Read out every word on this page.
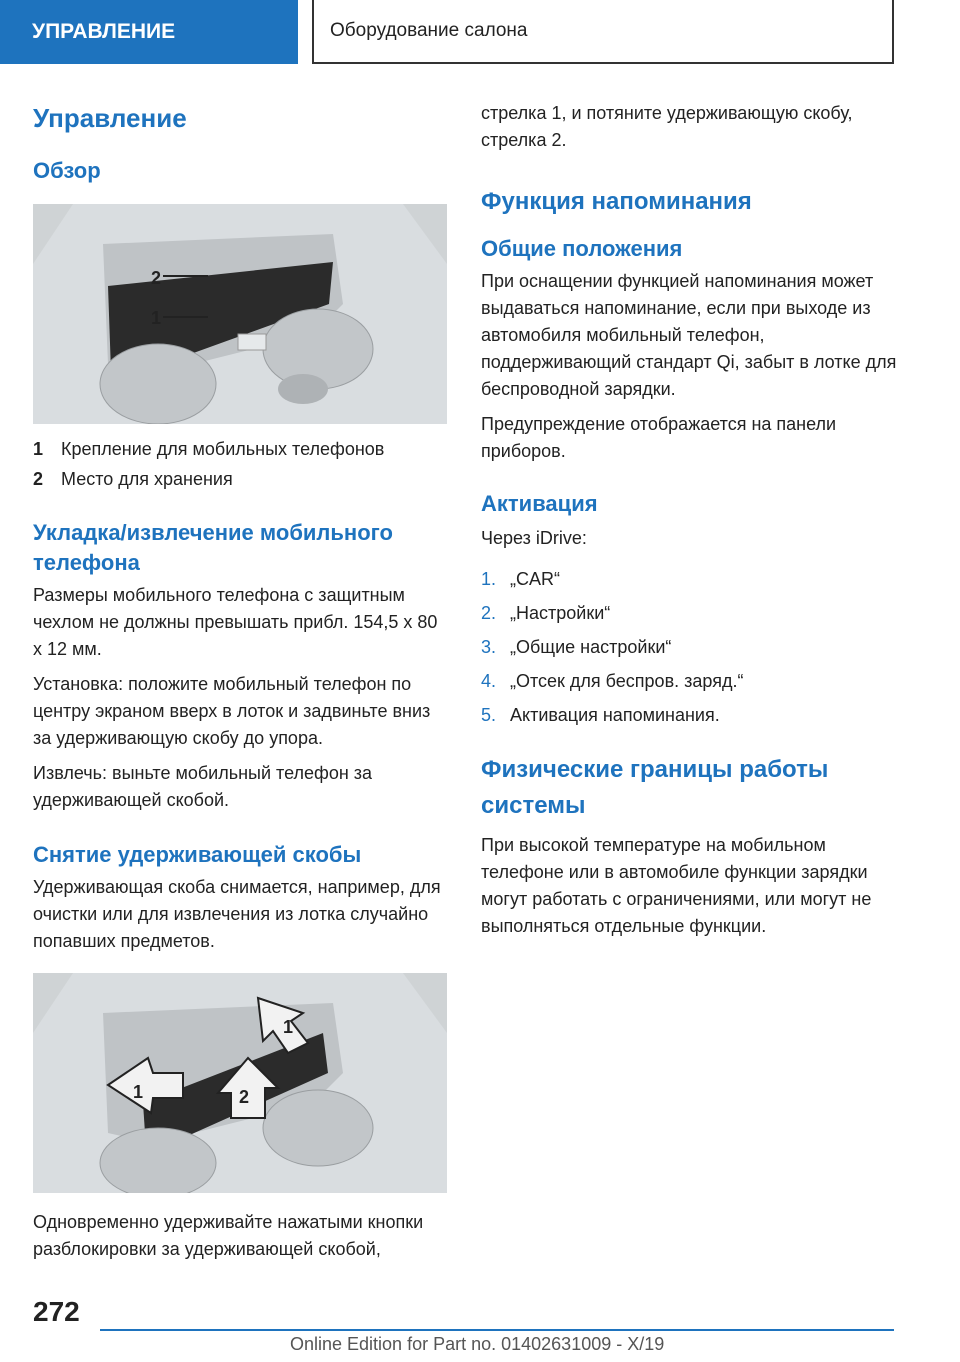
УПРАВЛЕНИЕ	Оборудование салона
Управление
Обзор
2
1
1 Крепление для мобильных телефонов
2 Место для хранения
Укладка/извлечение мобильного телефона

Размеры мобильного телефона с защитным чехлом не должны превышать прибл. 154,5 x 80 x 12 мм.

Установка: положите мобильный телефон по центру экраном вверх в лоток и задвиньте вниз за удерживающую скобу до упора.

Извлечь: выньте мобильный телефон за удерживающей скобой.

Снятие удерживающей скобы

Удерживающая скоба снимается, например, для очистки или для извлечения из лотка случайно попавших предметов.

1	2
1

Одновременно удерживайте нажатыми кнопки разблокировки за удерживающей скобой,

стрелка 1, и потяните удерживающую скобу, стрелка 2.

Функция напоминания
Общие положения

При оснащении функцией напоминания может выдаваться напоминание, если при выходе из автомобиля мобильный телефон, поддерживающий стандарт Qi, забыт в лотке для беспроводной зарядки.

Предупреждение отображается на панели приборов.

Активация

Через iDrive:

1. „CAR“
2. „Настройки“
3. „Общие настройки“
4. „Отсек для беспров. заряд.“
5. Активация напоминания.
Физические границы работы системы

При высокой температуре на мобильном телефоне или в автомобиле функции зарядки могут работать с ограничениями, или могут не выполняться отдельные функции.

272
Online Edition for Part no. 01402631009 - X/19
